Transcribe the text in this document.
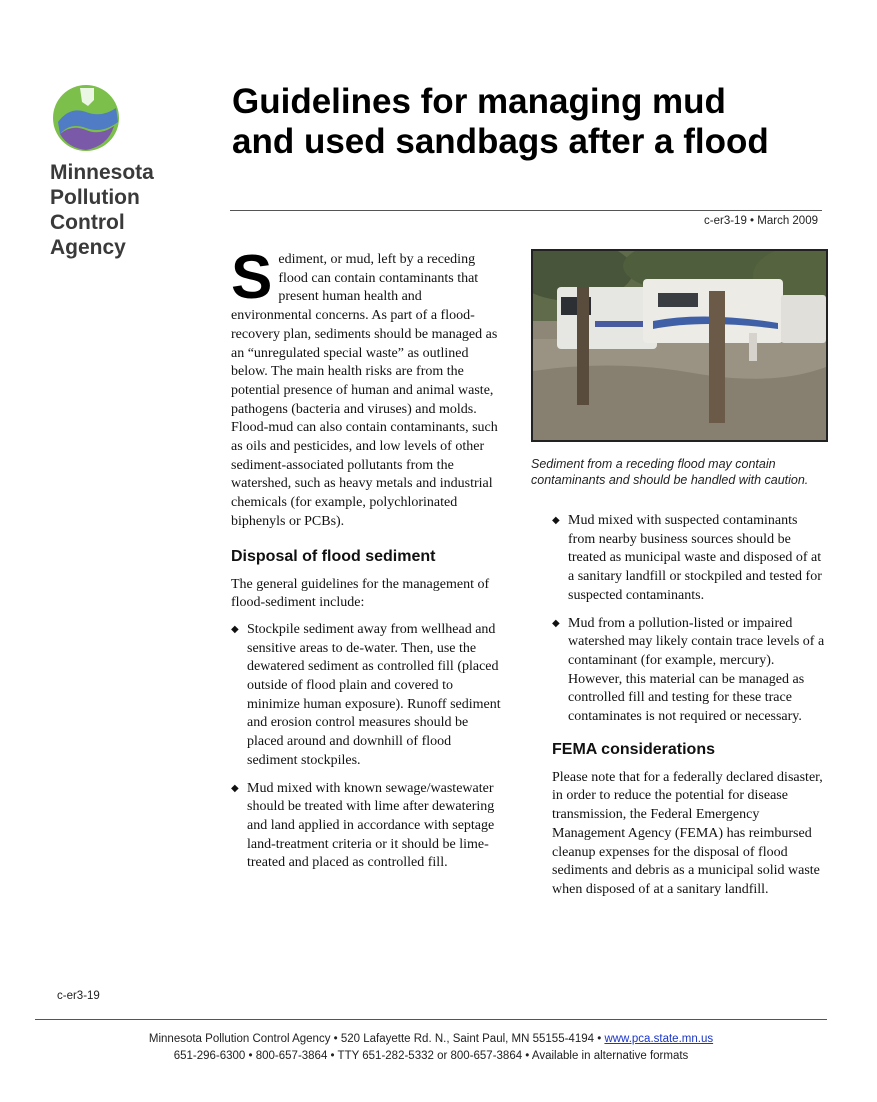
Minnesota
Pollution
Control
Agency
Guidelines for managing mud
and used sandbags after a flood
c-er3-19 • March 2009

Sediment, or mud, left by a receding flood can contain contaminants that present human health and environmental concerns. As part of a flood-recovery plan, sediments should be managed as an “unregulated special waste” as outlined below. The main health risks are from the potential presence of human and animal waste, pathogens (bacteria and viruses) and molds. Flood-mud can also contain contaminants, such as oils and pesticides, and low levels of other sediment-associated pollutants from the watershed, such as heavy metals and industrial chemicals (for example, polychlorinated biphenyls or PCBs).

Disposal of flood sediment

The general guidelines for the management of flood-sediment include:

◆ Stockpile sediment away from wellhead and sensitive areas to de-water. Then, use the dewatered sediment as controlled fill (placed outside of flood plain and covered to minimize human exposure). Runoff sediment and erosion control measures should be placed around and downhill of flood sediment stockpiles.
◆ Mud mixed with known sewage/wastewater should be treated with lime after dewatering and land applied in accordance with septage land-treatment criteria or it should be lime-treated and placed as controlled fill.
Sediment from a receding flood may contain contaminants and should be handled with caution.
◆ Mud mixed with suspected contaminants from nearby business sources should be treated as municipal waste and disposed of at a sanitary landfill or stockpiled and tested for suspected contaminants.
◆ Mud from a pollution-listed or impaired watershed may likely contain trace levels of a contaminant (for example, mercury). However, this material can be managed as controlled fill and testing for these trace contaminates is not required or necessary.
FEMA considerations

Please note that for a federally declared disaster, in order to reduce the potential for disease transmission, the Federal Emergency Management Agency (FEMA) has reimbursed cleanup expenses for the disposal of flood sediments and debris as a municipal solid waste when disposed of at a sanitary landfill.

c-er3-19
Minnesota Pollution Control Agency • 520 Lafayette Rd. N., Saint Paul, MN 55155-4194 • www.pca.state.mn.us
651-296-6300 • 800-657-3864 • TTY 651-282-5332 or 800-657-3864 • Available in alternative formats
